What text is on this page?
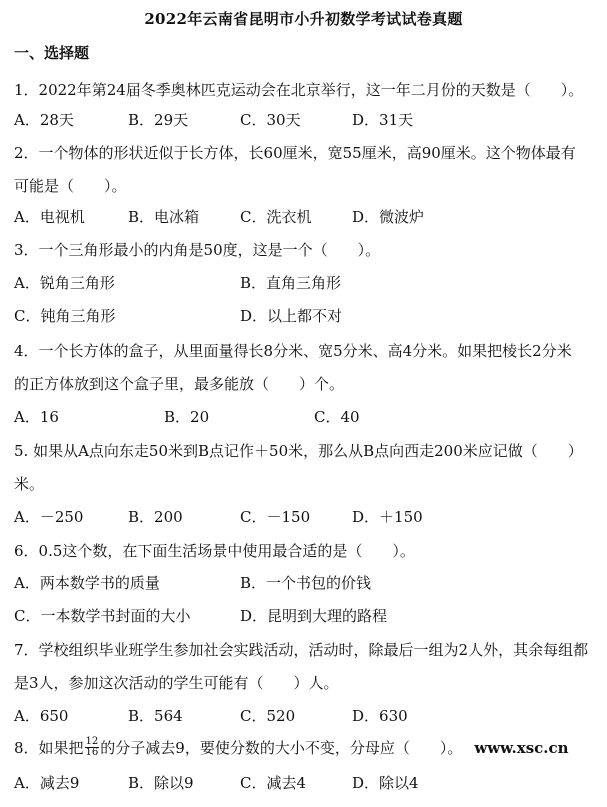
2022年云南省昆明市小升初数学考试试卷真题
一、选择题
1．2022年第24届冬季奥林匹克运动会在北京举行，这一年二月份的天数是（　　）。
A．28天	B．29天	C．30天	D．31天
2．一个物体的形状近似于长方体，长60厘米，宽55厘米，高90厘米。这个物体最有
可能是（　　）。
A．电视机	B．电冰箱	C．洗衣机	D．微波炉
3．一个三角形最小的内角是50度，这是一个（　　）。
A．锐角三角形	B．直角三角形
C．钝角三角形	D．以上都不对
4．一个长方体的盒子，从里面量得长8分米、宽5分米、高4分米。如果把棱长2分米
的正方体放到这个盒子里，最多能放（　　）个。
A．16	B．20	C．40
5. 如果从A点向东走50米到B点记作＋50米，那么从B点向西走200米应记做（　　）
米。
A．－250	B．200	C．－150	D．＋150
6．0.5这个数，在下面生活场景中使用最合适的是（　　）。
A．两本数学书的质量	B．一个书包的价钱
C．一本数学书封面的大小	D．昆明到大理的路程
7．学校组织毕业班学生参加社会实践活动，活动时，除最后一组为2人外，其余每组都
是3人，参加这次活动的学生可能有（　　）人。
A．650	B．564	C．520	D．630
8．如果把 $\frac{12}{16}$ 的分子减去9，要使分数的大小不变，分母应（　　）。 www.xsc.cn
A．减去9	B．除以9	C．减去4	D．除以4
